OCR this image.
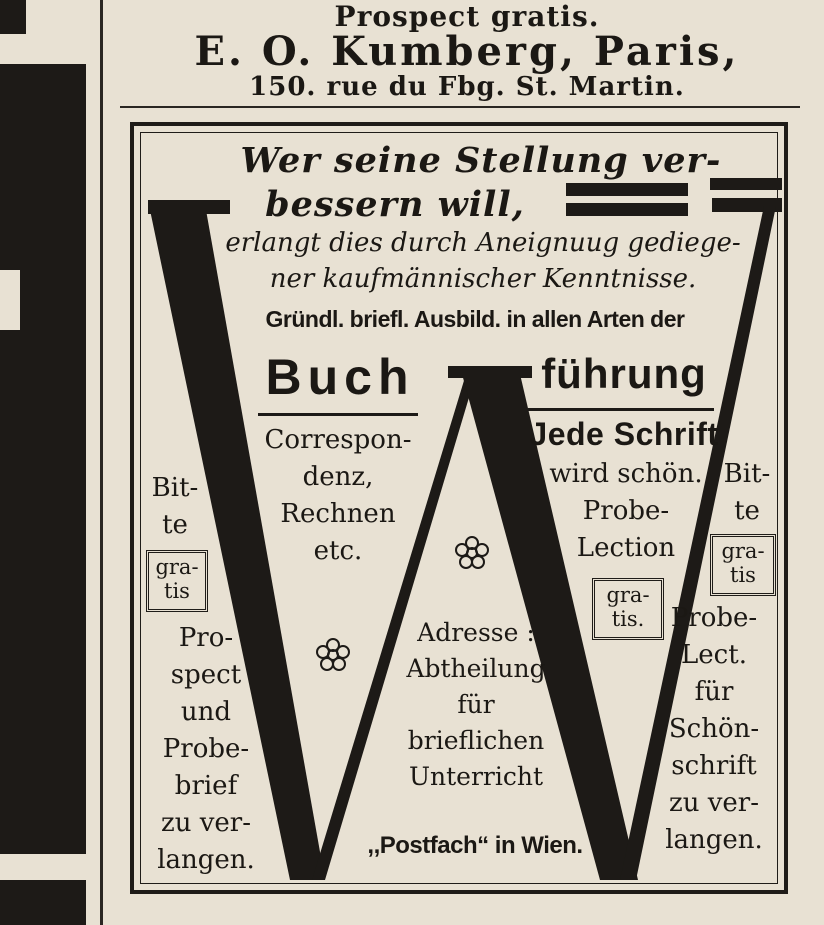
Prospect gratis.
E. O. Kumberg, Paris,
150. rue du Fbg. St. Martin.
Wer seine Stellung ver-
bessern will,
erlangt dies durch Aneignuug gediege-
ner kaufmännischer Kenntnisse.
Gründl. briefl. Ausbild. in allen Arten der
Buch	führung
Correspon-
denz,
Rechnen
etc.
Jede Schrift
wird schön.
Probe-
Lection
gra-
tis.
Bit-
te
gra-
tis
Pro-
spect
und
Probe-
brief
zu ver-
langen.
Bit-
te
gra-
tis
Probe-
Lect.
für
Schön-
schrift
zu ver-
langen.
Adresse :
Abtheilung
für
brieflichen
Unterricht
,,Postfach“ in Wien.
